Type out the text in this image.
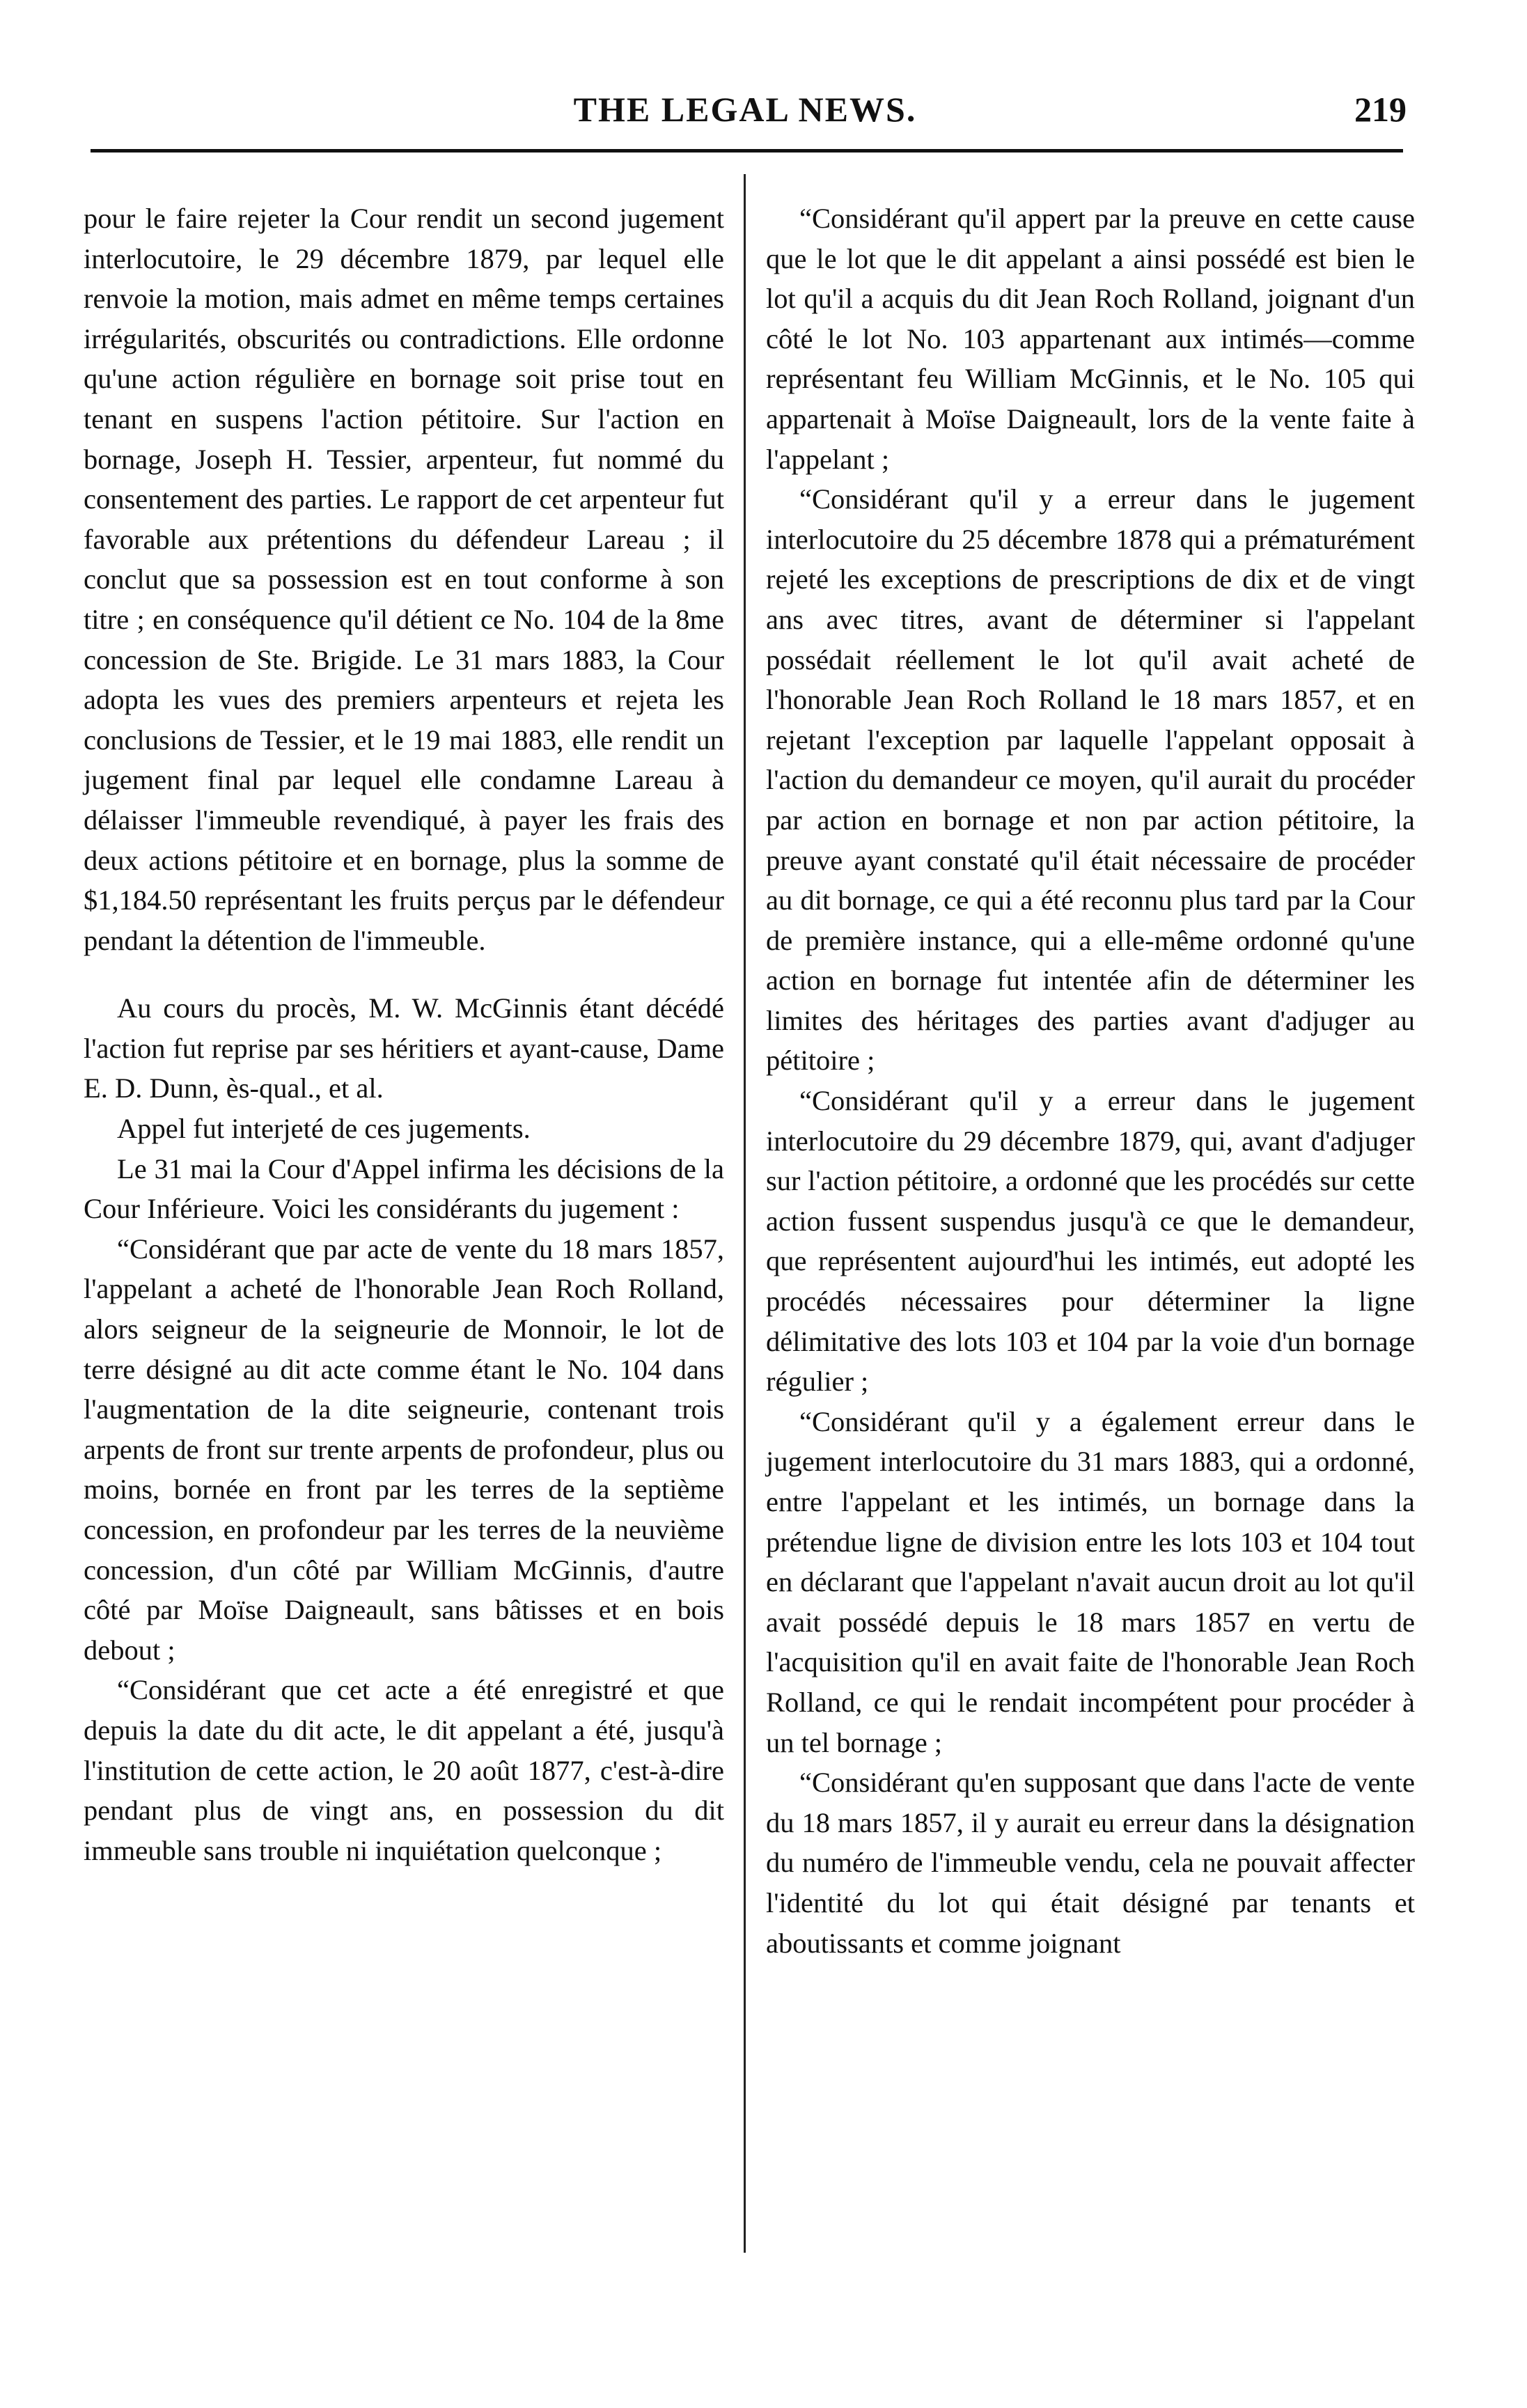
THE LEGAL NEWS.	219

pour le faire rejeter la Cour rendit un second jugement interlocutoire, le 29 décembre 1879, par lequel elle renvoie la motion, mais admet en même temps certaines irrégularités, obscurités ou contradictions. Elle ordonne qu'une action régulière en bornage soit prise tout en tenant en suspens l'action pétitoire. Sur l'action en bornage, Joseph H. Tessier, arpenteur, fut nommé du consentement des parties. Le rapport de cet arpenteur fut favorable aux prétentions du défendeur Lareau ; il conclut que sa possession est en tout conforme à son titre ; en conséquence qu'il détient ce No. 104 de la 8me concession de Ste. Brigide. Le 31 mars 1883, la Cour adopta les vues des premiers arpenteurs et rejeta les conclusions de Tessier, et le 19 mai 1883, elle rendit un jugement final par lequel elle condamne Lareau à délaisser l'immeuble revendiqué, à payer les frais des deux actions pétitoire et en bornage, plus la somme de $1,184.50 représentant les fruits perçus par le défendeur pendant la détention de l'immeuble.

Au cours du procès, M. W. McGinnis étant décédé l'action fut reprise par ses héritiers et ayant-cause, Dame E. D. Dunn, ès-qual., et al.

Appel fut interjeté de ces jugements.

Le 31 mai la Cour d'Appel infirma les décisions de la Cour Inférieure. Voici les considérants du jugement :

“Considérant que par acte de vente du 18 mars 1857, l'appelant a acheté de l'honorable Jean Roch Rolland, alors seigneur de la seigneurie de Monnoir, le lot de terre désigné au dit acte comme étant le No. 104 dans l'augmentation de la dite seigneurie, contenant trois arpents de front sur trente arpents de profondeur, plus ou moins, bornée en front par les terres de la septième concession, en profondeur par les terres de la neuvième concession, d'un côté par William McGinnis, d'autre côté par Moïse Daigneault, sans bâtisses et en bois debout ;

“Considérant que cet acte a été enregistré et que depuis la date du dit acte, le dit appelant a été, jusqu'à l'institution de cette action, le 20 août 1877, c'est-à-dire pendant plus de vingt ans, en possession du dit immeuble sans trouble ni inquiétation quelconque ;

“Considérant qu'il appert par la preuve en cette cause que le lot que le dit appelant a ainsi possédé est bien le lot qu'il a acquis du dit Jean Roch Rolland, joignant d'un côté le lot No. 103 appartenant aux intimés—comme représentant feu William McGinnis, et le No. 105 qui appartenait à Moïse Daigneault, lors de la vente faite à l'appelant ;

“Considérant qu'il y a erreur dans le jugement interlocutoire du 25 décembre 1878 qui a prématurément rejeté les exceptions de prescriptions de dix et de vingt ans avec titres, avant de déterminer si l'appelant possédait réellement le lot qu'il avait acheté de l'honorable Jean Roch Rolland le 18 mars 1857, et en rejetant l'exception par laquelle l'appelant opposait à l'action du demandeur ce moyen, qu'il aurait du procéder par action en bornage et non par action pétitoire, la preuve ayant constaté qu'il était nécessaire de procéder au dit bornage, ce qui a été reconnu plus tard par la Cour de première instance, qui a elle-même ordonné qu'une action en bornage fut intentée afin de déterminer les limites des héritages des parties avant d'adjuger au pétitoire ;

“Considérant qu'il y a erreur dans le jugement interlocutoire du 29 décembre 1879, qui, avant d'adjuger sur l'action pétitoire, a ordonné que les procédés sur cette action fussent suspendus jusqu'à ce que le demandeur, que représentent aujourd'hui les intimés, eut adopté les procédés nécessaires pour déterminer la ligne délimitative des lots 103 et 104 par la voie d'un bornage régulier ;

“Considérant qu'il y a également erreur dans le jugement interlocutoire du 31 mars 1883, qui a ordonné, entre l'appelant et les intimés, un bornage dans la prétendue ligne de division entre les lots 103 et 104 tout en déclarant que l'appelant n'avait aucun droit au lot qu'il avait possédé depuis le 18 mars 1857 en vertu de l'acquisition qu'il en avait faite de l'honorable Jean Roch Rolland, ce qui le rendait incompétent pour procéder à un tel bornage ;

“Considérant qu'en supposant que dans l'acte de vente du 18 mars 1857, il y aurait eu erreur dans la désignation du numéro de l'immeuble vendu, cela ne pouvait affecter l'identité du lot qui était désigné par tenants et aboutissants et comme joignant
